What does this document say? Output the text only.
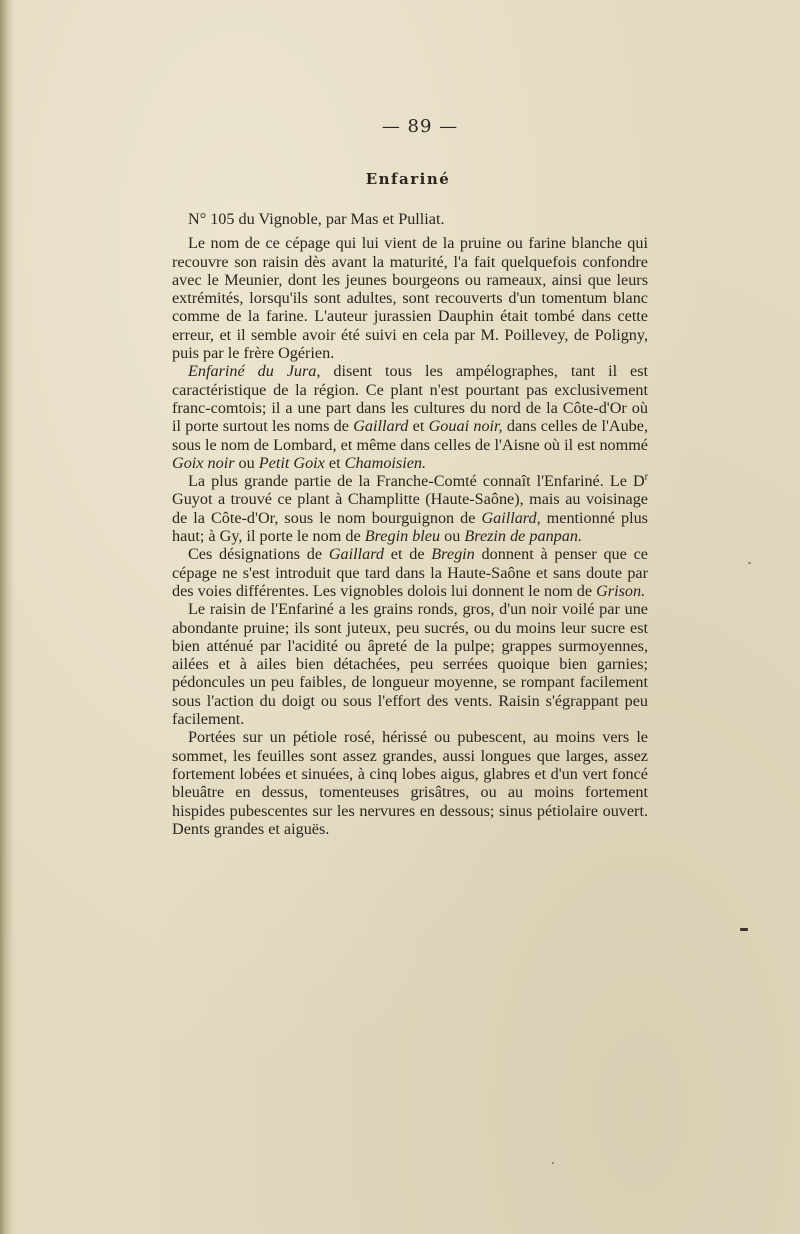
— 89 —
Enfariné

N° 105 du Vignoble, par Mas et Pulliat.

Le nom de ce cépage qui lui vient de la pruine ou farine blanche qui recouvre son raisin dès avant la maturité, l'a fait quelquefois confondre avec le Meunier, dont les jeunes bourgeons ou rameaux, ainsi que leurs extrémités, lorsqu'ils sont adultes, sont recouverts d'un tomentum blanc comme de la farine. L'auteur jurassien Dauphin était tombé dans cette erreur, et il semble avoir été suivi en cela par M. Poillevey, de Poligny, puis par le frère Ogérien.

Enfariné du Jura, disent tous les ampélographes, tant il est caractéristique de la région. Ce plant n'est pourtant pas exclusivement franc-comtois; il a une part dans les cultures du nord de la Côte-d'Or où il porte surtout les noms de Gaillard et Gouai noir, dans celles de l'Aube, sous le nom de Lombard, et même dans celles de l'Aisne où il est nommé Goix noir ou Petit Goix et Chamoisien.

La plus grande partie de la Franche-Comté connaît l'Enfariné. Le $D^r$ Guyot a trouvé ce plant à Champlitte (Haute-Saône), mais au voisinage de la Côte-d'Or, sous le nom bourguignon de Gaillard, mentionné plus haut; à Gy, il porte le nom de Bregin bleu ou Brezin de panpan.

Ces désignations de Gaillard et de Bregin donnent à penser que ce cépage ne s'est introduit que tard dans la Haute-Saône et sans doute par des voies différentes. Les vignobles dolois lui donnent le nom de Grison.

Le raisin de l'Enfariné a les grains ronds, gros, d'un noir voilé par une abondante pruine; ils sont juteux, peu sucrés, ou du moins leur sucre est bien atténué par l'acidité ou âpreté de la pulpe; grappes surmoyennes, ailées et à ailes bien détachées, peu serrées quoique bien garnies; pédoncules un peu faibles, de longueur moyenne, se rompant facilement sous l'action du doigt ou sous l'effort des vents. Raisin s'égrappant peu facilement.

Portées sur un pétiole rosé, hérissé ou pubescent, au moins vers le sommet, les feuilles sont assez grandes, aussi longues que larges, assez fortement lobées et sinuées, à cinq lobes aigus, glabres et d'un vert foncé bleuâtre en dessus, tomenteuses grisâtres, ou au moins fortement hispides pubescentes sur les nervures en dessous; sinus pétiolaire ouvert. Dents grandes et aiguës.
